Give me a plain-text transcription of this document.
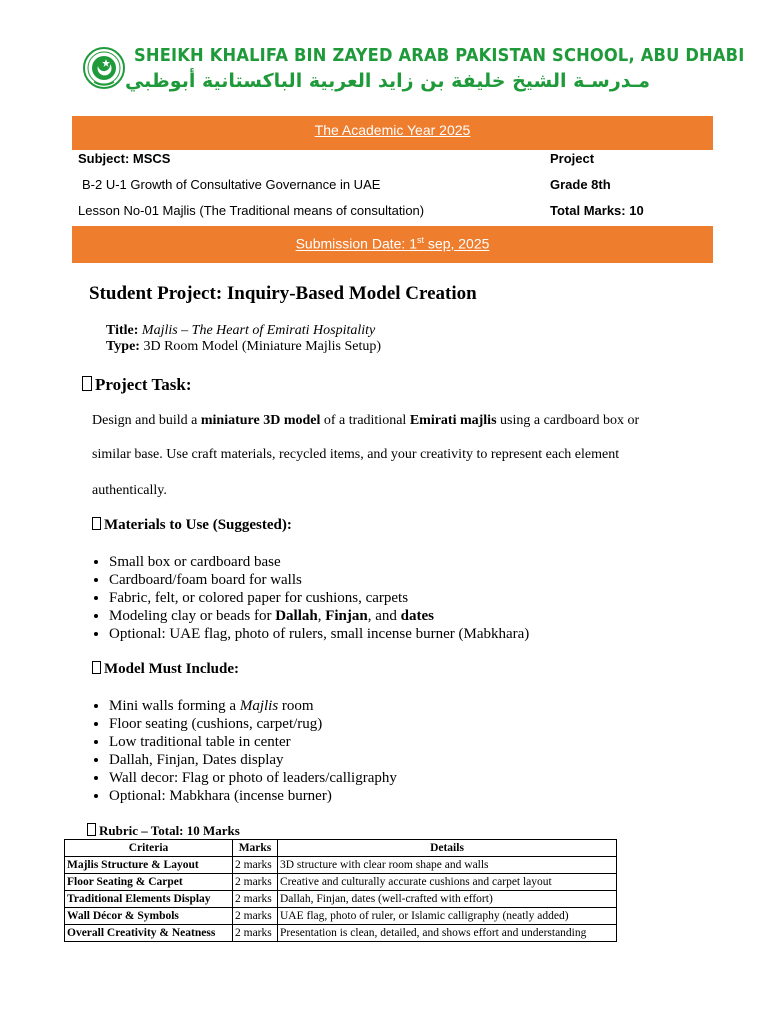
SHEIKH KHALIFA BIN ZAYED ARAB PAKISTAN SCHOOL, ABU DHABI
مـدرسـة الشيخ خليفة بن زايد العربية الباكستانية أبوظبي
The Academic Year 2025
Subject: MSCS	Project
B-2 U-1 Growth of Consultative Governance in UAE	Grade 8th
Lesson No-01 Majlis (The Traditional means of consultation)	Total Marks: 10
Submission Date: 1st sep, 2025
Student Project: Inquiry-Based Model Creation
Title: Majlis – The Heart of Emirati Hospitality
Type: 3D Room Model (Miniature Majlis Setup)
Project Task:
Design and build a miniature 3D model of a traditional Emirati majlis using a cardboard box or
similar base. Use craft materials, recycled items, and your creativity to represent each element
authentically.
Materials to Use (Suggested):
• Small box or cardboard base
• Cardboard/foam board for walls
• Fabric, felt, or colored paper for cushions, carpets
• Modeling clay or beads for Dallah, Finjan, and dates
• Optional: UAE flag, photo of rulers, small incense burner (Mabkhara)
Model Must Include:
• Mini walls forming a Majlis room
• Floor seating (cushions, carpet/rug)
• Low traditional table in center
• Dallah, Finjan, Dates display
• Wall decor: Flag or photo of leaders/calligraphy
• Optional: Mabkhara (incense burner)
Rubric – Total: 10 Marks
Criteria	Marks	Details
Majlis Structure & Layout	2 marks	3D structure with clear room shape and walls
Floor Seating & Carpet	2 marks	Creative and culturally accurate cushions and carpet layout
Traditional Elements Display	2 marks	Dallah, Finjan, dates (well-crafted with effort)
Wall Décor & Symbols	2 marks	UAE flag, photo of ruler, or Islamic calligraphy (neatly added)
Overall Creativity & Neatness	2 marks	Presentation is clean, detailed, and shows effort and understanding
